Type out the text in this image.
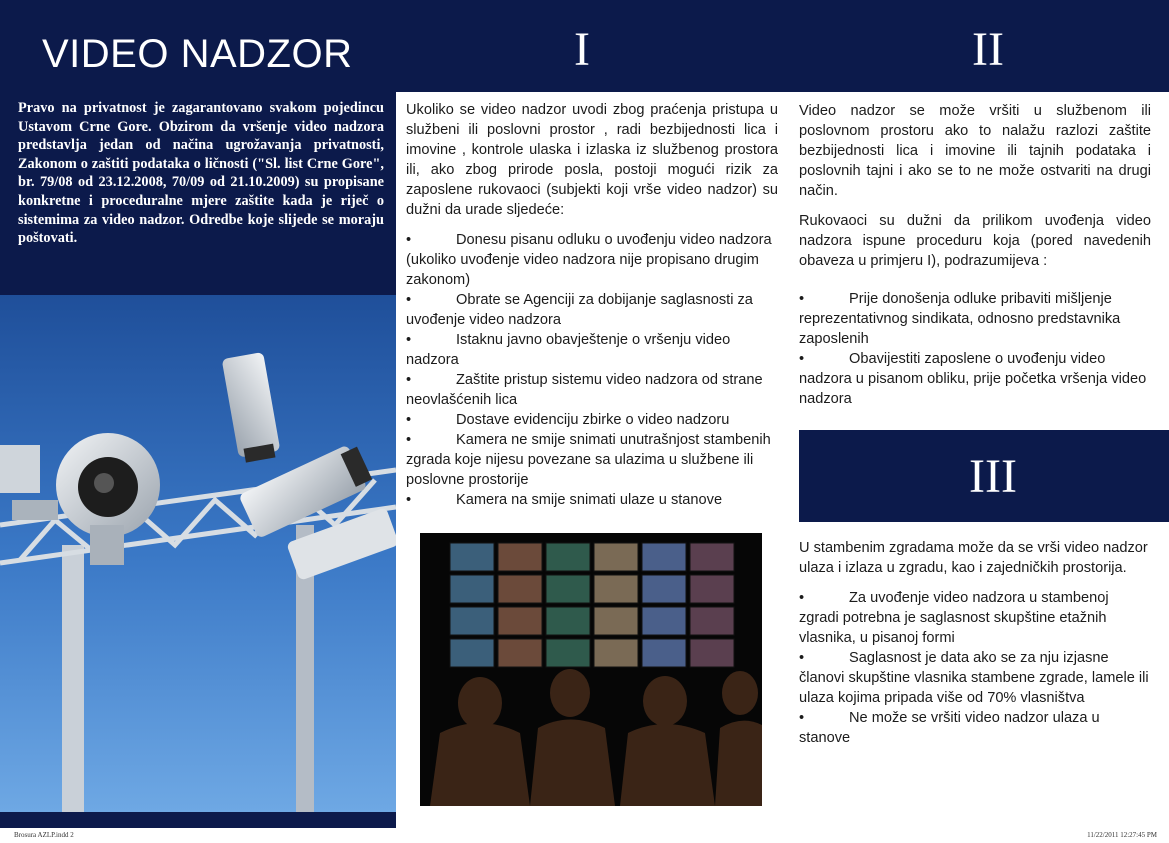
VIDEO NADZOR	I	II
III
Pravo na privatnost je zagarantovano svakom pojedincu Ustavom Crne Gore. Obzirom da vršenje video nadzora predstavlja jedan od načina ugrožavanja privatnosti, Zakonom o zaštiti podataka o ličnosti ("Sl. list Crne Gore", br. 79/08 od 23.12.2008, 70/09 od 21.10.2009) su propisane konkretne i proceduralne mjere zaštite kada je riječ o sistemima za video nadzor. Odredbe koje slijede se moraju poštovati.

Ukoliko se video nadzor uvodi zbog praćenja pristupa u službeni ili poslovni prostor , radi bezbijednosti lica i imovine , kontrole ulaska i izlaska iz službenog prostora ili, ako zbog prirode posla, postoji mogući rizik za zaposlene rukovaoci (subjekti koji vrše video nadzor) su dužni da urade sljedeće:

•	Donesu pisanu odluku o uvođenju video nadzora (ukoliko uvođenje video nadzora nije propisano drugim zakonom)
•	Obrate se Agenciji za dobijanje saglasnosti za uvođenje video nadzora
•	Istaknu javno obavještenje o vršenju video nadzora
•	Zaštite pristup sistemu video nadzora od strane neovlašćenih lica
•	Dostave evidenciju zbirke o video nadzoru
•	Kamera ne smije snimati unutrašnjost stambenih zgrada koje nijesu povezane sa ulazima u službene ili poslovne prostorije
•	Kamera na smije snimati ulaze u stanove

Video nadzor se može vršiti u službenom ili poslovnom prostoru ako to nalažu razlozi zaštite bezbijednosti lica i imovine ili tajnih podataka i poslovnih tajni i ako se to ne može ostvariti na drugi način.

Rukovaoci su dužni da prilikom uvođenja video nadzora ispune proceduru koja (pored navedenih obaveza u primjeru I), podrazumijeva :

•	Prije donošenja odluke pribaviti mišljenje reprezentativnog sindikata, odnosno predstavnika zaposlenih
•	Obavijestiti zaposlene o uvođenju video nadzora u pisanom obliku, prije početka vršenja video nadzora

U stambenim zgradama može da se vrši video nadzor ulaza i izlaza u zgradu, kao i zajedničkih prostorija.

•	Za uvođenje video nadzora u stambenoj zgradi potrebna je saglasnost skupštine etažnih vlasnika, u pisanoj formi
•	Saglasnost je data ako se za nju izjasne članovi skupštine vlasnika stambene zgrade, lamele ili ulaza kojima pripada više od 70% vlasništva
•	Ne može se vršiti video nadzor ulaza u stanove
Brosura AZLP.indd 2	11/22/2011 12:27:45 PM
